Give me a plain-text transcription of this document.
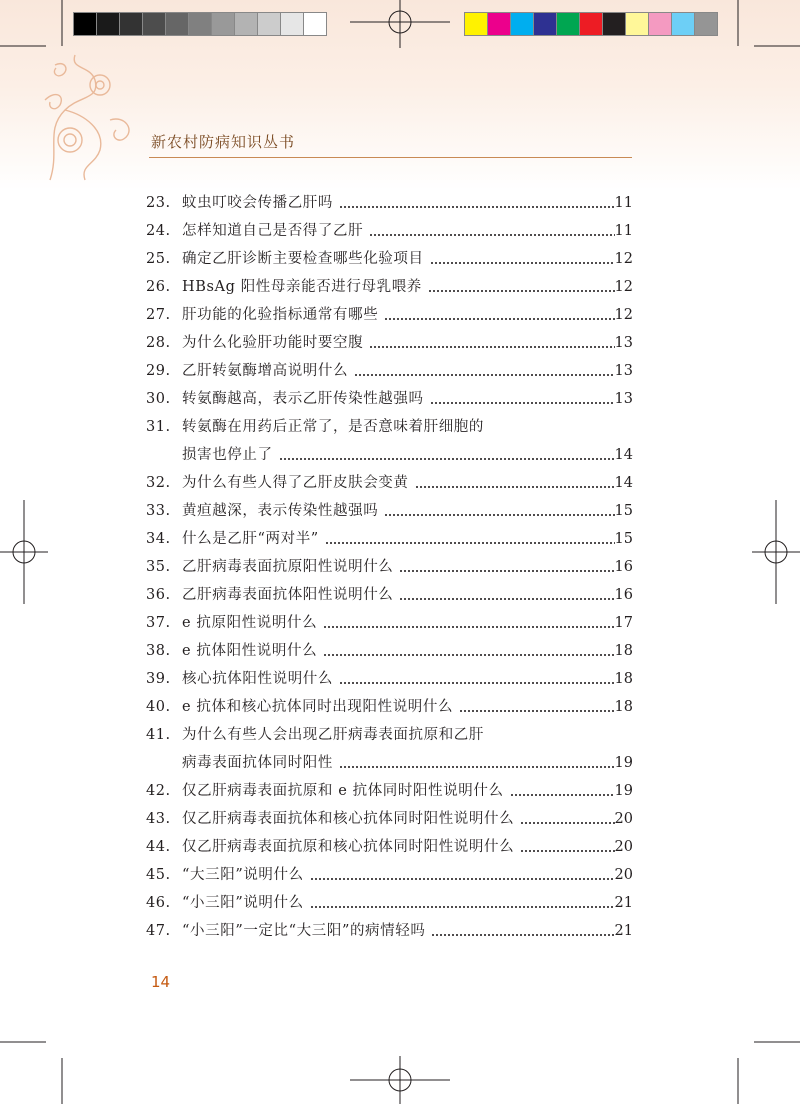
新农村防病知识丛书
23. 蚊虫叮咬会传播乙肝吗	11
24. 怎样知道自己是否得了乙肝	11
25. 确定乙肝诊断主要检查哪些化验项目	12
26. HBsAg 阳性母亲能否进行母乳喂养	12
27. 肝功能的化验指标通常有哪些	12
28. 为什么化验肝功能时要空腹	13
29. 乙肝转氨酶增高说明什么	13
30. 转氨酶越高，表示乙肝传染性越强吗	13
31. 转氨酶在用药后正常了，是否意味着肝细胞的
损害也停止了	14
32. 为什么有些人得了乙肝皮肤会变黄	14
33. 黄疸越深，表示传染性越强吗	15
34. 什么是乙肝“两对半”	15
35. 乙肝病毒表面抗原阳性说明什么	16
36. 乙肝病毒表面抗体阳性说明什么	16
37. e 抗原阳性说明什么	17
38. e 抗体阳性说明什么	18
39. 核心抗体阳性说明什么	18
40. e 抗体和核心抗体同时出现阳性说明什么	18
41. 为什么有些人会出现乙肝病毒表面抗原和乙肝
病毒表面抗体同时阳性	19
42. 仅乙肝病毒表面抗原和 e 抗体同时阳性说明什么	19
43. 仅乙肝病毒表面抗体和核心抗体同时阳性说明什么	20
44. 仅乙肝病毒表面抗原和核心抗体同时阳性说明什么	20
45. “大三阳”说明什么	20
46. “小三阳”说明什么	21
47. “小三阳”一定比“大三阳”的病情轻吗	21
14
